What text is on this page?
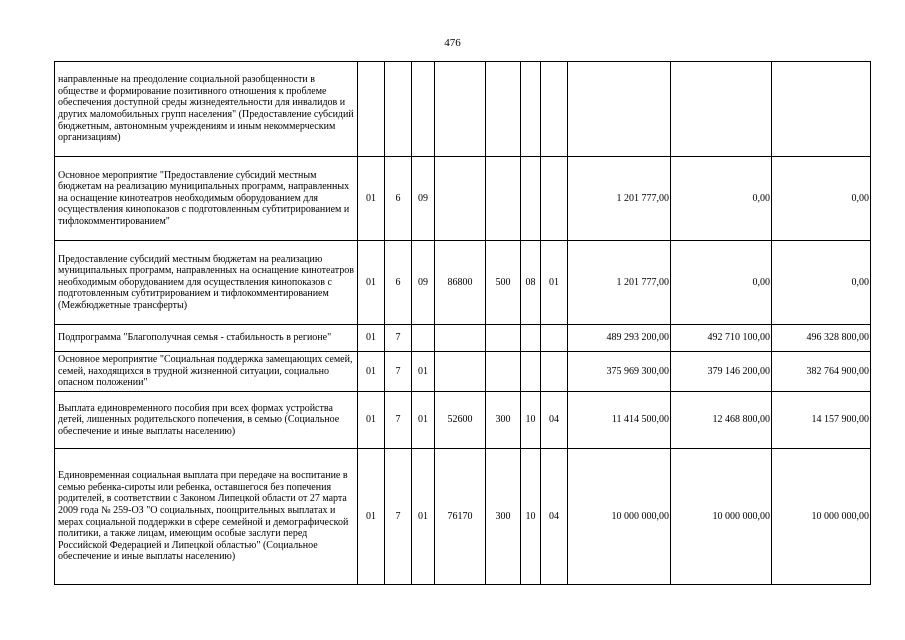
476
направленные на преодоление социальной разобщенности в обществе и формирование позитивного отношения к проблеме обеспечения доступной среды жизнедеятельности для инвалидов и других маломобильных групп населения" (Предоставление субсидий бюджетным, автономным учреждениям и иным некоммерческим организациям)										
Основное мероприятие "Предоставление субсидий местным бюджетам на реализацию муниципальных программ, направленных на оснащение кинотеатров необходимым оборудованием для осуществления кинопоказов с подготовленным субтитрированием и тифлокомментированием"	01	6	09					1 201 777,00	0,00	0,00
Предоставление субсидий местным бюджетам на реализацию муниципальных программ, направленных на оснащение кинотеатров необходимым оборудованием для осуществления кинопоказов с подготовленным субтитрированием и тифлокомментированием (Межбюджетные трансферты)	01	6	09	86800	500	08	01	1 201 777,00	0,00	0,00
Подпрограмма "Благополучная семья - стабильность в регионе"	01	7						489 293 200,00	492 710 100,00	496 328 800,00
Основное мероприятие "Социальная поддержка замещающих семей, семей, находящихся в трудной жизненной ситуации, социально опасном положении"	01	7	01					375 969 300,00	379 146 200,00	382 764 900,00
Выплата единовременного пособия при всех формах устройства детей, лишенных родительского попечения, в семью (Социальное обеспечение и иные выплаты населению)	01	7	01	52600	300	10	04	11 414 500,00	12 468 800,00	14 157 900,00
Единовременная социальная выплата при передаче на воспитание в семью ребенка-сироты или ребенка, оставшегося без попечения родителей, в соответствии с Законом Липецкой области от 27 марта 2009 года № 259-ОЗ "О социальных, поощрительных выплатах и мерах социальной поддержки в сфере семейной и демографической политики, а также лицам, имеющим особые заслуги перед Российской Федерацией и Липецкой областью" (Социальное обеспечение и иные выплаты населению)	01	7	01	76170	300	10	04	10 000 000,00	10 000 000,00	10 000 000,00
